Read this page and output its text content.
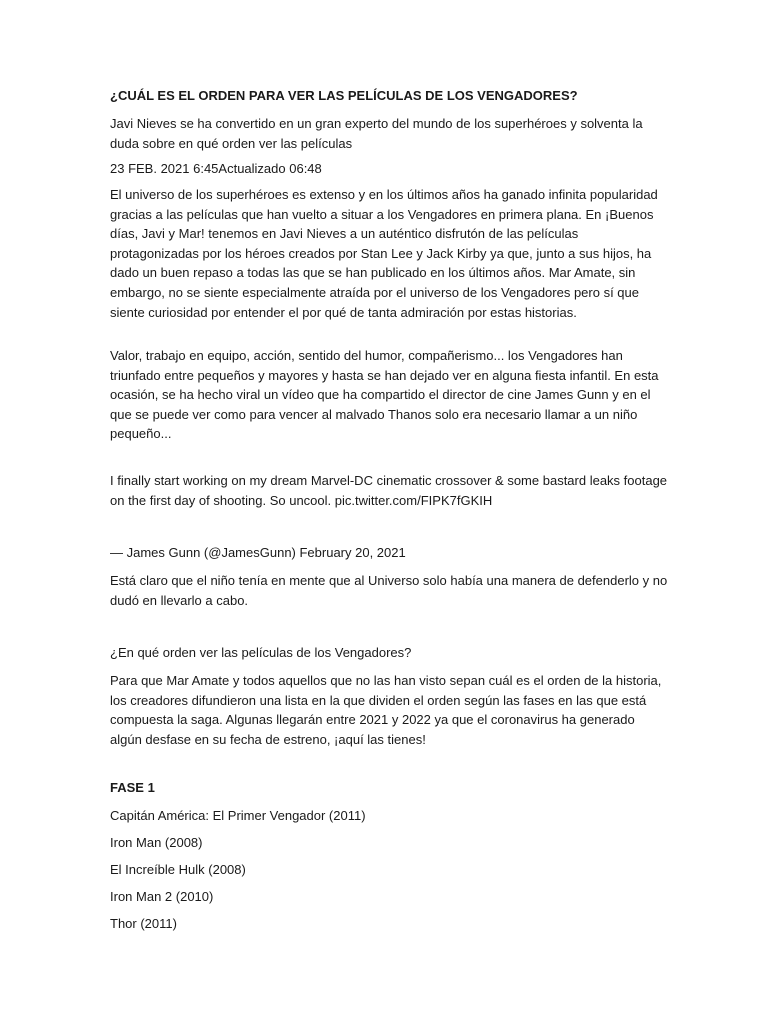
¿CUÁL ES EL ORDEN PARA VER LAS PELÍCULAS DE LOS VENGADORES?

Javi Nieves se ha convertido en un gran experto del mundo de los superhéroes y solventa la duda sobre en qué orden ver las películas

23 FEB. 2021 6:45Actualizado 06:48

El universo de los superhéroes es extenso y en los últimos años ha ganado infinita popularidad gracias a las películas que han vuelto a situar a los Vengadores en primera plana. En ¡Buenos días, Javi y Mar! tenemos en Javi Nieves a un auténtico disfrutón de las películas protagonizadas por los héroes creados por Stan Lee y Jack Kirby ya que, junto a sus hijos, ha dado un buen repaso a todas las que se han publicado en los últimos años. Mar Amate, sin embargo, no se siente especialmente atraída por el universo de los Vengadores pero sí que siente curiosidad por entender el por qué de tanta admiración por estas historias.

Valor, trabajo en equipo, acción, sentido del humor, compañerismo... los Vengadores han triunfado entre pequeños y mayores y hasta se han dejado ver en alguna fiesta infantil. En esta ocasión, se ha hecho viral un vídeo que ha compartido el director de cine James Gunn y en el que se puede ver como para vencer al malvado Thanos solo era necesario llamar a un niño pequeño...

I finally start working on my dream Marvel-DC cinematic crossover & some bastard leaks footage on the first day of shooting. So uncool. pic.twitter.com/FIPK7fGKIH

— James Gunn (@JamesGunn) February 20, 2021

Está claro que el niño tenía en mente que al Universo solo había una manera de defenderlo y no dudó en llevarlo a cabo.

¿En qué orden ver las películas de los Vengadores?

Para que Mar Amate y todos aquellos que no las han visto sepan cuál es el orden de la historia, los creadores difundieron una lista en la que dividen el orden según las fases en las que está compuesta la saga. Algunas llegarán entre 2021 y 2022 ya que el coronavirus ha generado algún desfase en su fecha de estreno, ¡aquí las tienes!

FASE 1

Capitán América: El Primer Vengador (2011)

Iron Man (2008)

El Increíble Hulk (2008)

Iron Man 2 (2010)

Thor (2011)
